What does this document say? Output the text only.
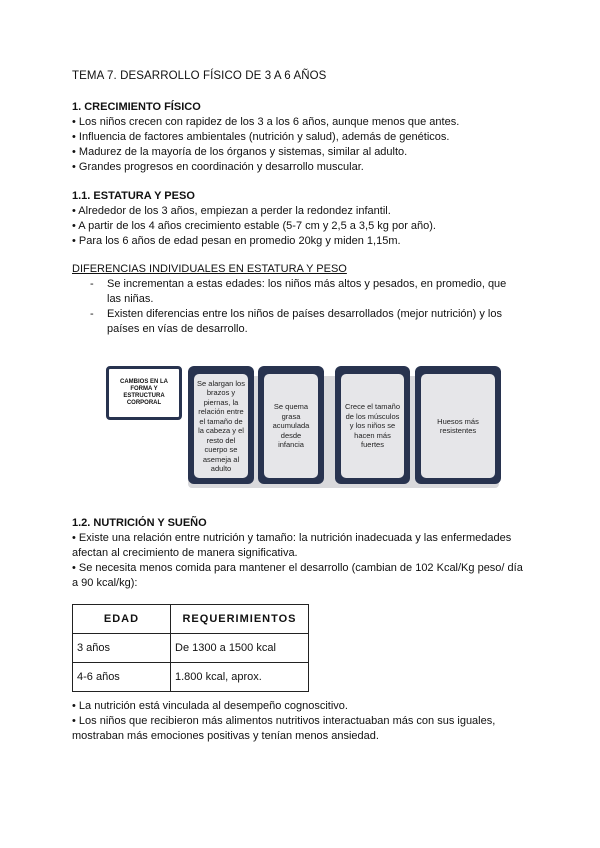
TEMA 7. DESARROLLO FÍSICO DE 3 A 6 AÑOS
1. CRECIMIENTO FÍSICO
• Los niños crecen con rapidez de los 3 a los 6 años, aunque menos que antes.
• Influencia de factores ambientales (nutrición y salud), además de genéticos.
• Madurez de la mayoría de los órganos y sistemas, similar al adulto.
• Grandes progresos en coordinación y desarrollo muscular.
1.1. ESTATURA Y PESO
• Alrededor de los 3 años, empiezan a perder la redondez infantil.
• A partir de los 4 años crecimiento estable (5-7 cm y 2,5 a 3,5 kg por año).
• Para los 6 años de edad pesan en promedio 20kg y miden 1,15m.
DIFERENCIAS INDIVIDUALES EN ESTATURA Y PESO
- Se incrementan a estas edades: los niños más altos y pesados, en promedio, que
las niñas.
- Existen diferencias entre los niños de países desarrollados (mejor nutrición) y los
países en vías de desarrollo.
CAMBIOS EN LA FORMA Y ESTRUCTURA CORPORAL
Se alargan los brazos y piernas, la relación entre el tamaño de la cabeza y el resto del cuerpo se asemeja al adulto
Se quema grasa acumulada desde infancia
Crece el tamaño de los músculos y los niños se hacen más fuertes
Huesos más resistentes
1.2. NUTRICIÓN Y SUEÑO
• Existe una relación entre nutrición y tamaño: la nutrición inadecuada y las enfermedades
afectan al crecimiento de manera significativa.
• Se necesita menos comida para mantener el desarrollo (cambian de 102 Kcal/Kg peso/ día
a 90 kcal/kg):
EDAD	REQUERIMIENTOS
3 años	De 1300 a 1500 kcal
4-6 años	1.800 kcal, aprox.
• La nutrición está vinculada al desempeño cognoscitivo.
• Los niños que recibieron más alimentos nutritivos interactuaban más con sus iguales,
mostraban más emociones positivas y tenían menos ansiedad.
